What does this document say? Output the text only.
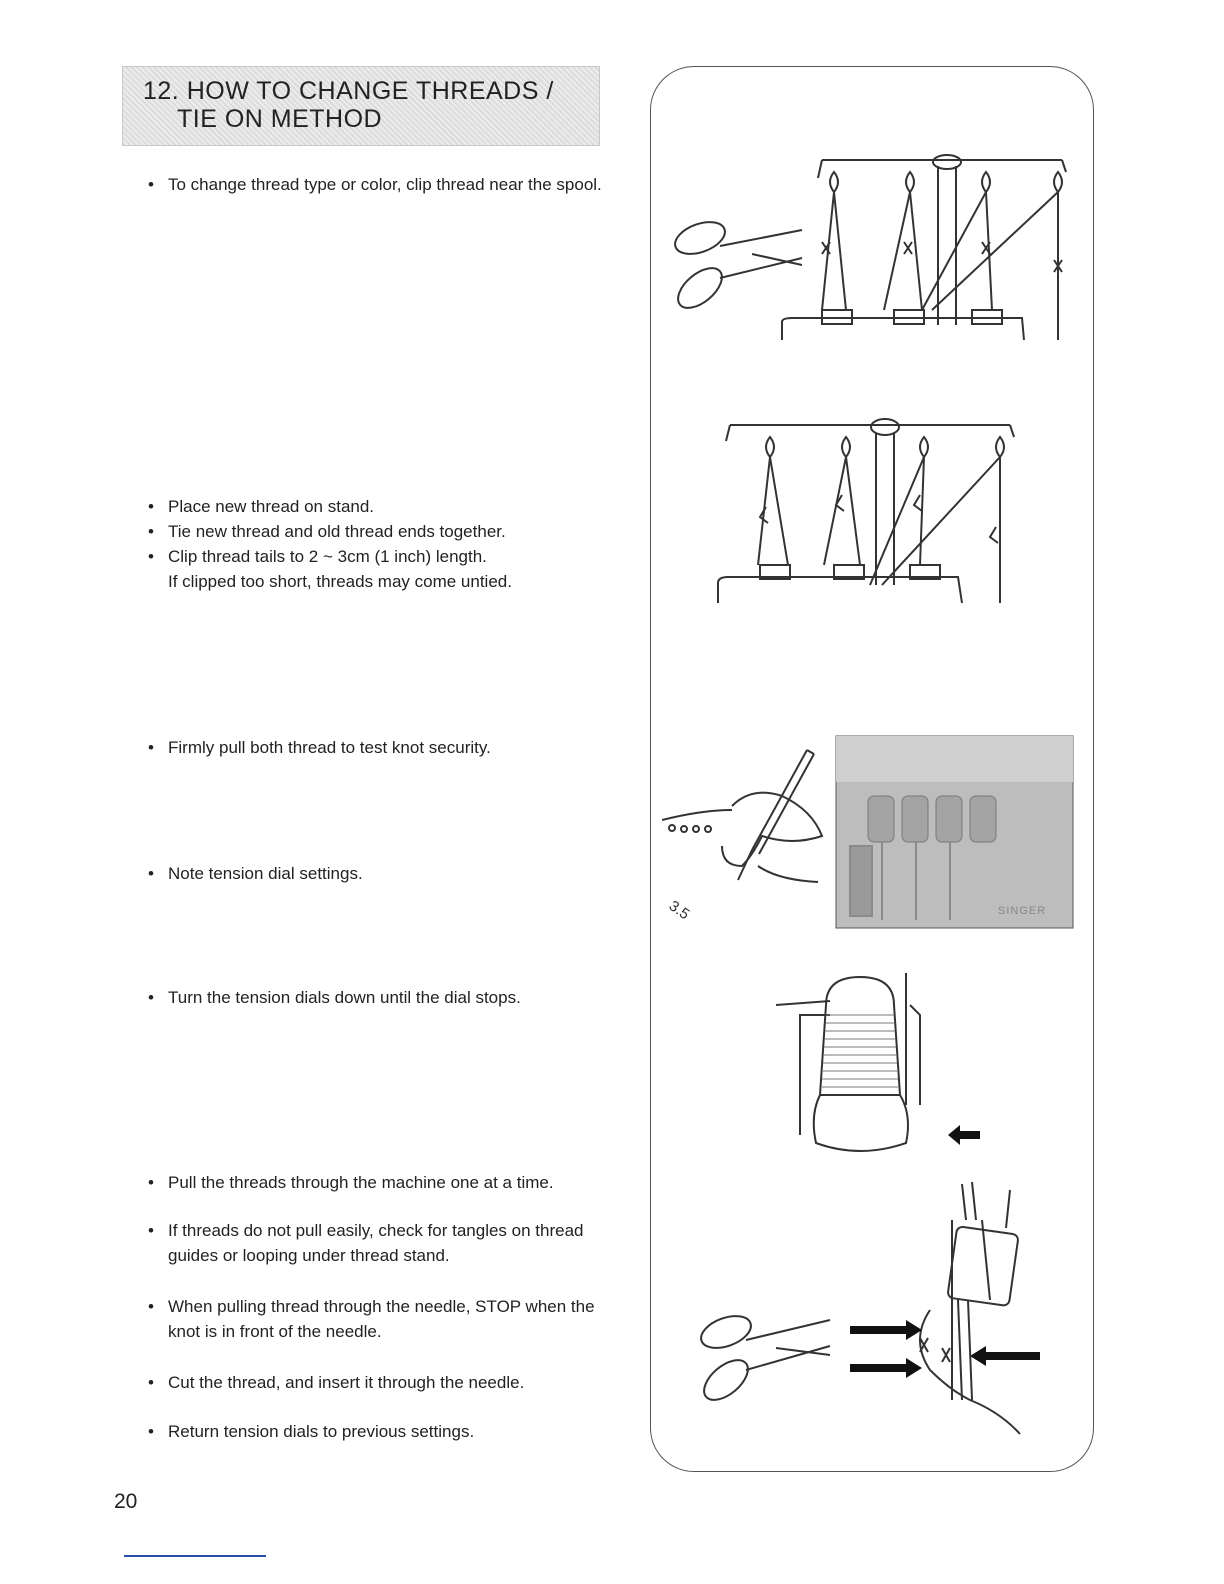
12. HOW TO CHANGE THREADS /
TIE ON METHOD
• To change thread type or color, clip thread near the spool.
• Place new thread on stand.
• Tie new thread and old thread ends together.
• Clip thread tails to 2 ~ 3cm (1 inch) length.
If clipped too short, threads may come untied.
• Firmly pull both thread to test knot security.
• Note tension dial settings.
• Turn the tension dials down until the dial stops.
• Pull the threads through the machine one at a time.
• If threads do not pull easily, check for tangles on thread guides or looping under thread stand.
• When pulling thread through the needle, STOP when the knot is in front of the needle.
• Cut the thread, and insert it through the needle.
• Return tension dials to previous settings.
3.5	SINGER
20
